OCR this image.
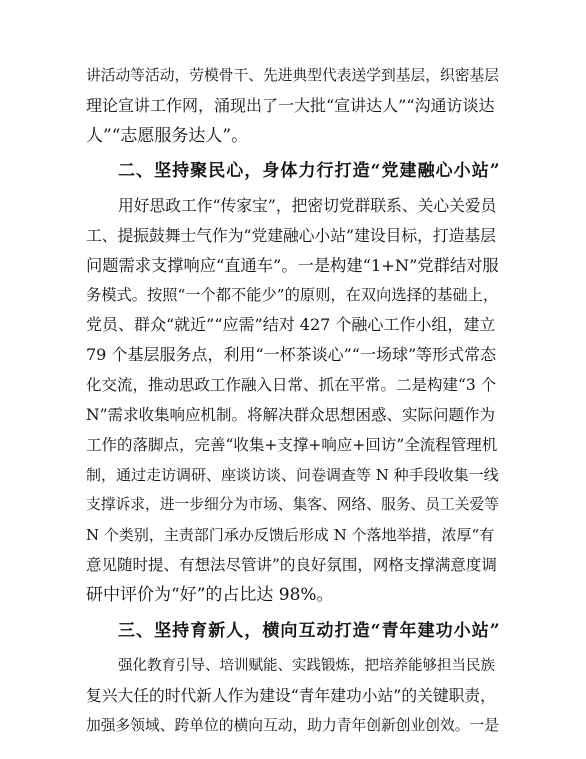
讲活动等活动，劳模骨干、先进典型代表送学到基层，织密基层
理论宣讲工作网，涌现出了一大批“宣讲达人”“沟通访谈达
人”“志愿服务达人”。
二、坚持聚民心，身体力行打造“党建融心小站”
用好思政工作“传家宝”，把密切党群联系、关心关爱员
工、提振鼓舞士气作为“党建融心小站”建设目标，打造基层
问题需求支撑响应“直通车”。一是构建“1+N”党群结对服
务模式。按照“一个都不能少”的原则，在双向选择的基础上，
党员、群众“就近”“应需”结对 427 个融心工作小组，建立
79 个基层服务点，利用“一杯茶谈心”“一场球”等形式常态
化交流，推动思政工作融入日常、抓在平常。二是构建“3 个
N”需求收集响应机制。将解决群众思想困惑、实际问题作为
工作的落脚点，完善“收集+支撑+响应+回访”全流程管理机
制，通过走访调研、座谈访谈、问卷调查等 N 种手段收集一线
支撑诉求，进一步细分为市场、集客、网络、服务、员工关爱等
N 个类别，主责部门承办反馈后形成 N 个落地举措，浓厚“有
意见随时提、有想法尽管讲”的良好氛围，网格支撑满意度调
研中评价为“好”的占比达 98%。
三、坚持育新人，横向互动打造“青年建功小站”
强化教育引导、培训赋能、实践锻炼，把培养能够担当民族
复兴大任的时代新人作为建设“青年建功小站”的关键职责，
加强多领域、跨单位的横向互动，助力青年创新创业创效。一是
